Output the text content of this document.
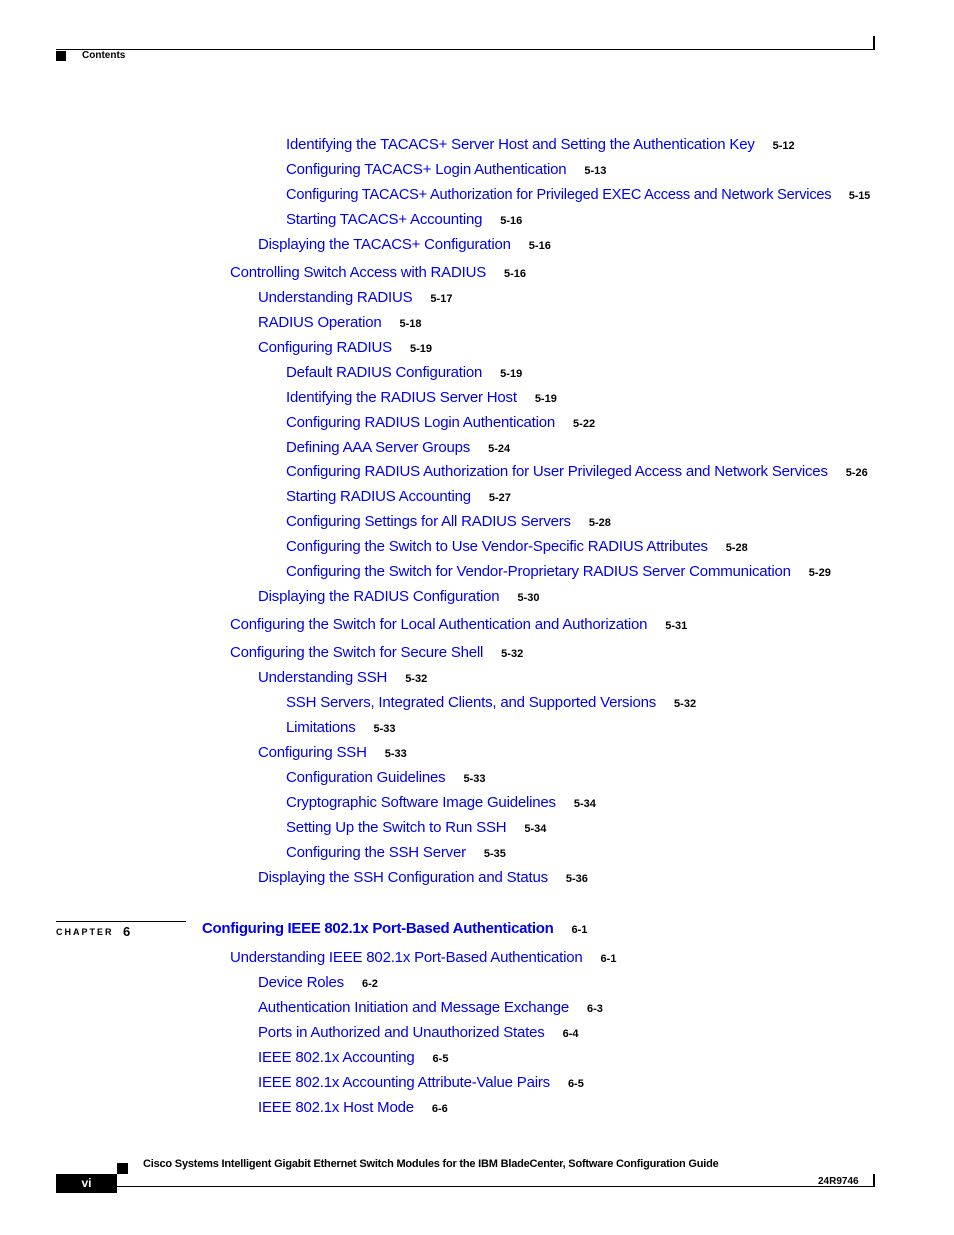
Contents
Identifying the TACACS+ Server Host and Setting the Authentication Key 5-12
Configuring TACACS+ Login Authentication 5-13
Configuring TACACS+ Authorization for Privileged EXEC Access and Network Services 5-15
Starting TACACS+ Accounting 5-16
Displaying the TACACS+ Configuration 5-16
Controlling Switch Access with RADIUS 5-16
Understanding RADIUS 5-17
RADIUS Operation 5-18
Configuring RADIUS 5-19
Default RADIUS Configuration 5-19
Identifying the RADIUS Server Host 5-19
Configuring RADIUS Login Authentication 5-22
Defining AAA Server Groups 5-24
Configuring RADIUS Authorization for User Privileged Access and Network Services 5-26
Starting RADIUS Accounting 5-27
Configuring Settings for All RADIUS Servers 5-28
Configuring the Switch to Use Vendor-Specific RADIUS Attributes 5-28
Configuring the Switch for Vendor-Proprietary RADIUS Server Communication 5-29
Displaying the RADIUS Configuration 5-30
Configuring the Switch for Local Authentication and Authorization 5-31
Configuring the Switch for Secure Shell 5-32
Understanding SSH 5-32
SSH Servers, Integrated Clients, and Supported Versions 5-32
Limitations 5-33
Configuring SSH 5-33
Configuration Guidelines 5-33
Cryptographic Software Image Guidelines 5-34
Setting Up the Switch to Run SSH 5-34
Configuring the SSH Server 5-35
Displaying the SSH Configuration and Status 5-36
CHAPTER 6	Configuring IEEE 802.1x Port-Based Authentication 6-1
Understanding IEEE 802.1x Port-Based Authentication 6-1
Device Roles 6-2
Authentication Initiation and Message Exchange 6-3
Ports in Authorized and Unauthorized States 6-4
IEEE 802.1x Accounting 6-5
IEEE 802.1x Accounting Attribute-Value Pairs 6-5
IEEE 802.1x Host Mode 6-6
Cisco Systems Intelligent Gigabit Ethernet Switch Modules for the IBM BladeCenter, Software Configuration Guide
vi	24R9746
